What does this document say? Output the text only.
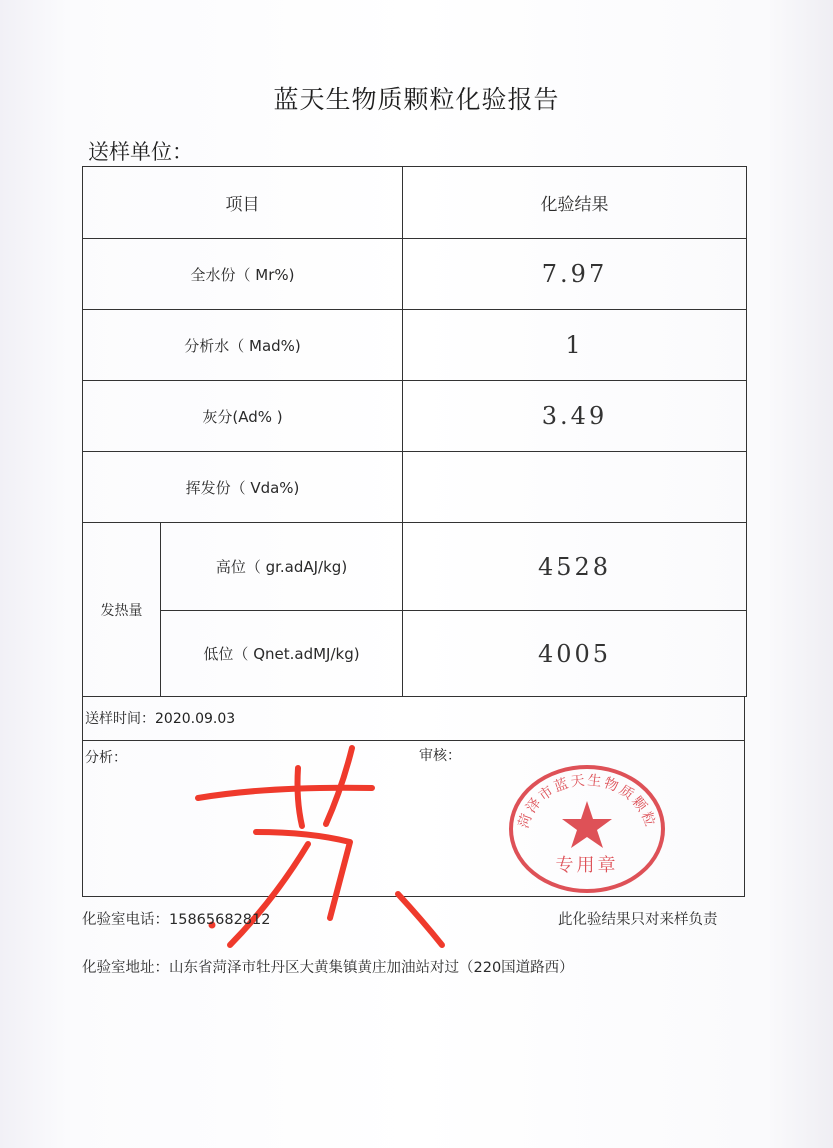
蓝天生物质颗粒化验报告
送样单位：
项目		化验结果
全水份（ Mr%)		7.97
分析水（ Mad%)		1
灰分(Ad% )		3.49
挥发份（ Vda%)		
发热量	高位（ gr.adAJ/kg)	4528
	低位（ Qnet.adMJ/kg)	4005
送样时间：2020.09.03
分析：	审核：
菏泽市蓝天生物质颗粒
专用章
化验室电话：15865682812	此化验结果只对来样负责
化验室地址：山东省菏泽市牡丹区大黄集镇黄庄加油站对过（220国道路西）
